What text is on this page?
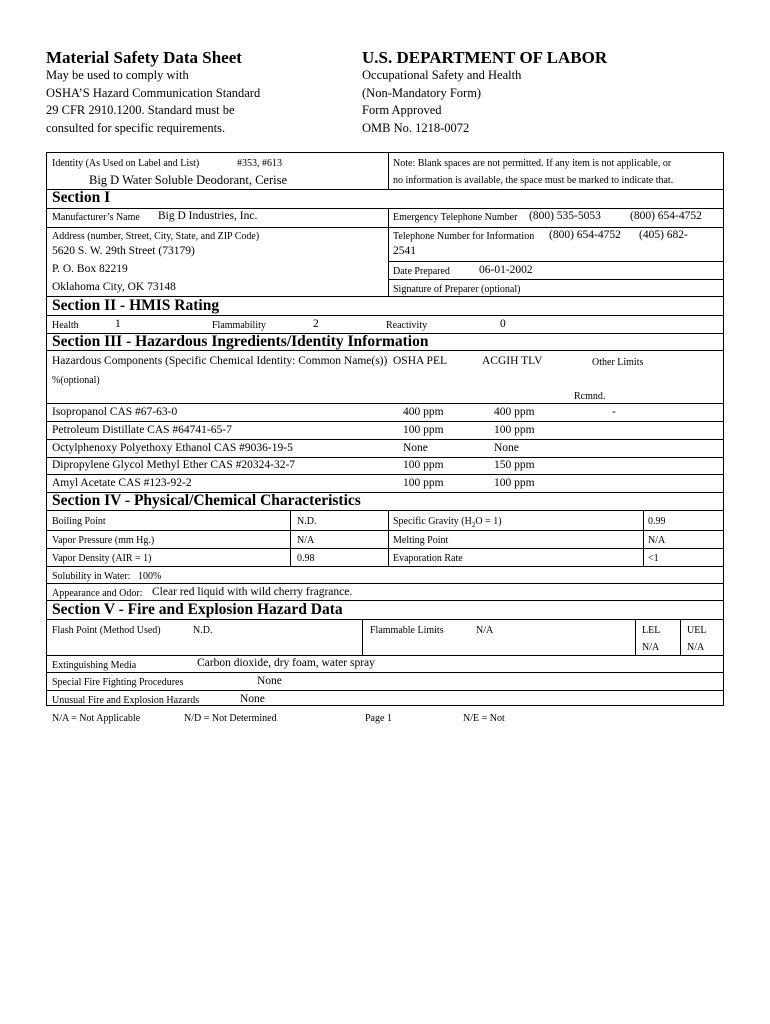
Material Safety Data Sheet
May be used to comply with
OSHA’S Hazard Communication Standard
29 CFR 2910.1200. Standard must be
consulted for specific requirements.
U.S. DEPARTMENT OF LABOR
Occupational Safety and Health
(Non-Mandatory Form)
Form Approved
OMB No. 1218-0072
Identity (As Used on Label and List)	#353, #613
Big D Water Soluble Deodorant, Cerise
Note: Blank spaces are not permitted. If any item is not applicable, or
no information is available, the space must be marked to indicate that.
Section I
Manufacturer’s Name Big D Industries, Inc.	Emergency Telephone Number (800) 535-5053	(800) 654-4752
Address (number, Street, City, State, and ZIP Code)
5620 S. W. 29th Street (73179)
P. O. Box 82219
Oklahoma City, OK 73148
Telephone Number for Information (800) 654-4752 (405) 682-
2541
Date Prepared	06-01-2002
Signature of Preparer (optional)
Section II - HMIS Rating
Health	1	Flammability	2	Reactivity	0
Section III - Hazardous Ingredients/Identity Information
Hazardous Components (Specific Chemical Identity: Common Name(s)) OSHA PEL	ACGIH TLV	Other Limits
%(optional)
Rcmnd.
Isopropanol CAS #67-63-0	400 ppm	400 ppm	-
Petroleum Distillate CAS #64741-65-7	100 ppm	100 ppm
Octylphenoxy Polyethoxy Ethanol CAS #9036-19-5	None	None
Dipropylene Glycol Methyl Ether CAS #20324-32-7	100 ppm	150 ppm
Amyl Acetate CAS #123-92-2	100 ppm	100 ppm
Section IV - Physical/Chemical Characteristics
Boiling Point	N.D.	Specific Gravity $(H_2O = 1)$	0.99
Vapor Pressure (mm Hg.)	N/A	Melting Point	N/A
Vapor Density (AIR = 1)	0.98	Evaporation Rate	<1
Solubility in Water: 100%
Appearance and Odor: Clear red liquid with wild cherry fragrance.
Section V - Fire and Explosion Hazard Data
Flash Point (Method Used)	N.D.	Flammable Limits	N/A	LEL	UEL
N/A	N/A
Extinguishing Media	Carbon dioxide, dry foam, water spray
Special Fire Fighting Procedures	None
Unusual Fire and Explosion Hazards	None
N/A = Not Applicable	N/D = Not Determined	Page 1	N/E = Not
